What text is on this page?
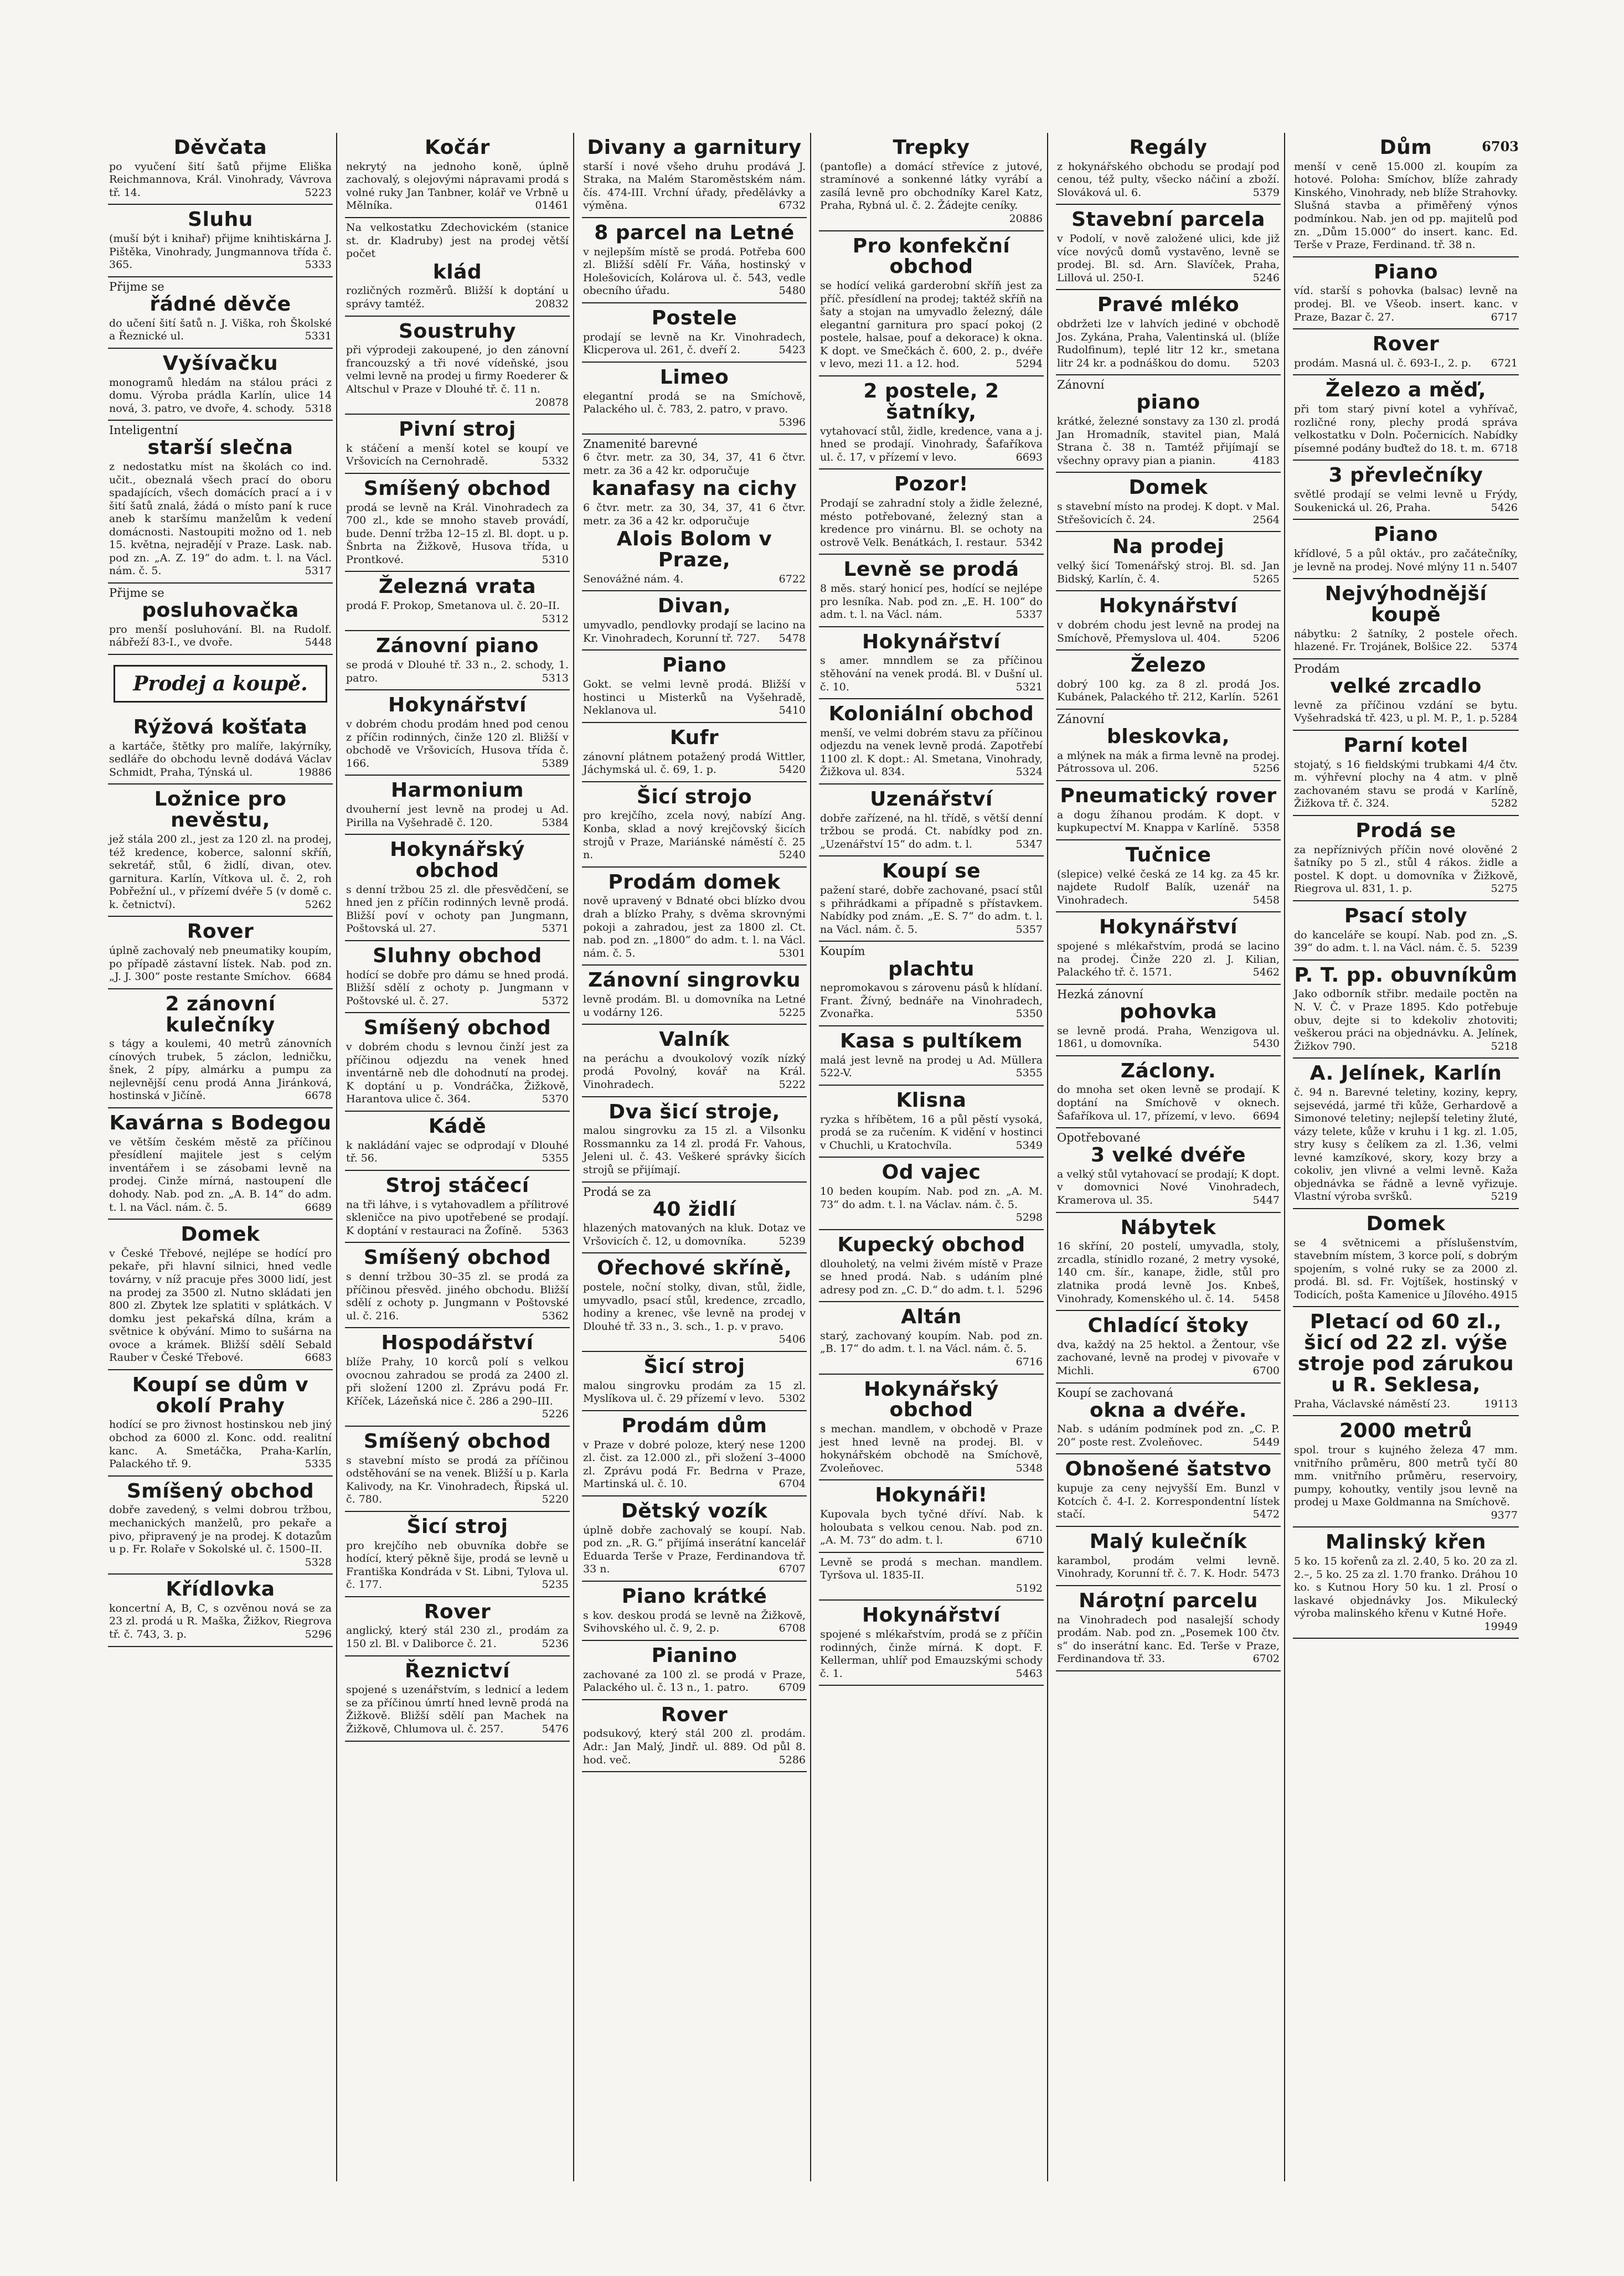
6703
Děvčata
po vyučení šití šatů přijme Eliška Reichmannova, Král. Vinohrady, Vávrova tř. 14.	5223
Sluhu
(muší být i knihař) přijme knihtiskárna J. Pištěka, Vinohrady, Jungmannova třída č. 365.	5333
Přijme se
řádné děvče
do učení šití šatů n. J. Viška, roh Školské a Řeznické ul.	5331
Vyšívačku
monogramů hledám na stálou práci z domu. Výroba prádla Karlín, ulice 14 nová, 3. patro, ve dvoře, 4. schody. 5318
Inteligentní
starší slečna
z nedostatku míst na školách co ind. učit., obeznalá všech prací do oboru spadajících, všech domácích prací a i v šití šatů znalá, žádá o místo paní k ruce aneb k staršímu manželům k vedení domácnosti. Nastoupiti možno od 1. neb 15. května, nejradějí v Praze. Lask. nab. pod zn. „A. Z. 19“ do adm. t. l. na Václ. nám. č. 5.	5317
Přijme se
posluhovačka
pro menší posluhování. Bl. na Rudolf. nábřeží 83-I., ve dvoře.	5448
Prodej a koupě.
Rýžová košťata
a kartáče, štětky pro malíře, lakýrníky, sedláře do obchodu levně dodává Václav Schmidt, Praha, Týnská ul.	19886
Ložnice pro nevěstu,
jež stála 200 zl., jest za 120 zl. na prodej, též kredence, koberce, salonní skříň, sekretář, stůl, 6 židlí, divan, otev. garnitura. Karlín, Vítkova ul. č. 2, roh Pobřežní ul., v přízemí dvéře 5 (v domě c. k. četnictví).	5262
Rover
úplně zachovalý neb pneumatiky koupím, po případě zástavní lístek. Nab. pod zn. „J. J. 300“ poste restante Smíchov. 6684
2 zánovní kulečníky
s tágy a koulemi, 40 metrů zánovních cínových trubek, 5 záclon, ledničku, šnek, 2 pípy, almárku a pumpu za nejlevnější cenu prodá Anna Jiránková, hostinská v Jičíně.	6678
Kavárna s Bodegou
ve větším českém městě za příčinou přesídlení majitele jest s celým inventářem i se zásobami levně na prodej. Cinže mírná, nastoupení dle dohody. Nab. pod zn. „A. B. 14“ do adm. t. l. na Václ. nám. č. 5.	6689
Domek
v České Třebové, nejlépe se hodící pro pekaře, při hlavní silnici, hned vedle továrny, v níž pracuje přes 3000 lidí, jest na prodej za 3500 zl. Nutno skládati jen 800 zl. Zbytek lze splatiti v splátkách. V domku jest pekařská dílna, krám a světnice k obývání. Mimo to sušárna na ovoce a krámek. Bližší sdělí Sebald Rauber v České Třebové.	6683
Koupí se dům v okolí Prahy
hodící se pro živnost hostinskou neb jiný obchod za 6000 zl. Konc. odd. realitní kanc. A. Smetáčka, Praha-Karlín, Palackého tř. 9.	5335
Smíšený obchod
dobře zavedený, s velmi dobrou tržbou, mechanických manželů, pro pekaře a pivo, připravený je na prodej. K dotazům u p. Fr. Rolaře v Sokolské ul. č. 1500–II.
5328
Křídlovka
koncertní A, B, C, s ozvěnou nová se za 23 zl. prodá u R. Maška, Žižkov, Riegrova tř. č. 743, 3. p.	5296
Kočár
nekrytý na jednoho koně, úplně zachovalý, s olejovými nápravami prodá s volné ruky Jan Tanbner, kolář ve Vrbně u Mělníka.	01461
Na velkostatku Zdechovickém (stanice st. dr. Kladruby) jest na prodej větší počet
klád
rozličných rozměrů. Bližší k doptání u správy tamtéž.	20832
Soustruhy
při výprodeji zakoupené, jo den zánovní francouzský a tři nové vídeňské, jsou velmi levně na prodej u firmy Roederer & Altschul v Praze v Dlouhé tř. č. 11 n.
20878
Pivní stroj
k stáčení a menší kotel se koupí ve Vršovicích na Cernohradě.	5332
Smíšený obchod
prodá se levně na Král. Vinohradech za 700 zl., kde se mnoho staveb provádí, bude. Denní tržba 12–15 zl. Bl. dopt. u p. Šnbrta na Žižkově, Husova třída, u Prontkové.	5310
Železná vrata
prodá F. Prokop, Smetanova ul. č. 20–II.
5312
Zánovní piano
se prodá v Dlouhé tř. 33 n., 2. schody, 1. patro.	5313
Hokynářství
v dobrém chodu prodám hned pod cenou z příčin rodinných, činže 120 zl. Bližší v obchodě ve Vršovicích, Husova třída č. 166.	5389
Harmonium
dvouherní jest levně na prodej u Ad. Pirilla na Vyšehradě č. 120.	5384
Hokynářský obchod
s denní tržbou 25 zl. dle přesvědčení, se hned jen z příčin rodinných levně prodá. Bližší poví v ochoty pan Jungmann, Poštovská ul. 27.	5371
Sluhny obchod
hodící se dobře pro dámu se hned prodá. Bližší sdělí z ochoty p. Jungmann v Poštovské ul. č. 27.	5372
Smíšený obchod
v dobrém chodu s levnou činží jest za příčinou odjezdu na venek hned inventárně neb dle dohodnutí na prodej. K doptání u p. Vondráčka, Žižkově, Harantova ulice č. 364.	5370
Kádě
k nakládání vajec se odprodají v Dlouhé tř. 56.	5355
Stroj stáčecí
na tři láhve, i s vytahovadlem a přílitrové skleničce na pivo upotřebené se prodají. K doptání v restauraci na Žofíně. 5363
Smíšený obchod
s denní tržbou 30–35 zl. se prodá za příčinou přesvěd. jiného obchodu. Bližší sdělí z ochoty p. Jungmann v Poštovské ul. č. 216.	5362
Hospodářství
blíže Prahy, 10 korců polí s velkou ovocnou zahradou se prodá za 2400 zl. při složení 1200 zl. Zprávu podá Fr. Kříček, Lázeňská nice č. 286 a 290–III.
5226
Smíšený obchod
s stavební místo se prodá za příčinou odstěhování se na venek. Bližší u p. Karla Kalivody, na Kr. Vinohradech, Řipská ul. č. 780.	5220
Šicí stroj
pro krejčího neb obuvníka dobře se hodící, který pěkně šije, prodá se levně u Františka Kondráda v St. Libni, Tylova ul. č. 177.	5235
Rover
anglický, který stál 230 zl., prodám za 150 zl. Bl. v Daliborce č. 21.	5236
Řeznictví
spojené s uzenářstvím, s lednicí a ledem se za příčinou úmrtí hned levně prodá na Žižkově. Bližší sdělí pan Machek na Žižkově, Chlumova ul. č. 257.	5476
Divany a garnitury
starší i nové všeho druhu prodává J. Straka, na Malém Staroměstském nám. čís. 474-III. Vrchní úřady, předělávky a výměna.	6732
8 parcel na Letné
v nejlepším místě se prodá. Potřeba 600 zl. Bližší sdělí Fr. Váňa, hostinský v Holešovicích, Kolárova ul. č. 543, vedle obecního úřadu.	5480
Postele
prodají se levně na Kr. Vinohradech, Klicperova ul. 261, č. dveří 2.	5423
Limeo
elegantní prodá se na Smíchově, Palackého ul. č. 783, 2. patro, v pravo.
5396
Znamenité barevné
6 čtvr. metr. za 30, 34, 37, 41 6 čtvr. metr. za 36 a 42 kr. odporučuje
kanafasy na cichy
6 čtvr. metr. za 30, 34, 37, 41 6 čtvr. metr. za 36 a 42 kr. odporučuje
Alois Bolom v Praze,
Senovážné nám. 4.	6722
Divan,
umyvadlo, pendlovky prodají se lacino na Kr. Vinohradech, Korunní tř. 727. 5478
Piano
Gokt. se velmi levně prodá. Bližší v hostinci u Misterků na Vyšehradě, Neklanova ul.	5410
Kufr
zánovní plátnem potažený prodá Wittler, Jáchymská ul. č. 69, 1. p.	5420
Šicí strojo
pro krejčího, zcela nový, nabízí Ang. Konba, sklad a nový krejčovský šicích strojů v Praze, Mariánské náměstí č. 25 n.	5240
Prodám domek
nově upravený v Bdnaté obci blízko dvou drah a blízko Prahy, s dvěma skrovnými pokoji a zahradou, jest za 1800 zl. Ct. nab. pod zn. „1800“ do adm. t. l. na Václ. nám. č. 5.	5301
Zánovní singrovku
levně prodám. Bl. u domovníka na Letné u vodárny 126.	5225
Valník
na peráchu a dvoukolový vozík nízký prodá Povolný, kovář na Král. Vinohradech.	5222
Dva šicí stroje,
malou singrovku za 15 zl. a Vilsonku Rossmannku za 14 zl. prodá Fr. Vahous, Jeleni ul. č. 43. Veškeré správky šicích strojů se přijímají.
Prodá se za
40 židlí
hlazených matovaných na kluk. Dotaz ve Vršovicích č. 12, u domovníka.	5239
Ořechové skříně,
postele, noční stolky, divan, stůl, židle, umyvadlo, psací stůl, kredence, zrcadlo, hodiny a krenec, vše levně na prodej v Dlouhé tř. 33 n., 3. sch., 1. p. v pravo.
5406
Šicí stroj
malou singrovku prodám za 15 zl. Myslíkova ul. č. 29 přízemí v levo. 5302
Prodám dům
v Praze v dobré poloze, který nese 1200 zl. čist. za 12.000 zl., při složení 3–4000 zl. Zprávu podá Fr. Bedrna v Praze, Martinská ul. č. 10.	6704
Dětský vozík
úplně dobře zachovalý se koupí. Nab. pod zn. „R. G.“ přijímá inserátní kancelář Eduarda Terše v Praze, Ferdinandova tř. 33 n.	6707
Piano krátké
s kov. deskou prodá se levně na Žižkově, Svihovského ul. č. 9, 2. p.	6708
Pianino
zachované za 100 zl. se prodá v Praze, Palackého ul. č. 13 n., 1. patro.	6709
Rover
podsukový, který stál 200 zl. prodám. Adr.: Jan Malý, Jindř. ul. 889. Od půl 8. hod. več.	5286
Trepky
(pantofle) a domácí střevíce z jutové, stramínové a sonkenné látky vyrábí a zasílá levně pro obchodníky Karel Katz, Praha, Rybná ul. č. 2. Žádejte ceníky.
20886
Pro konfekční obchod
se hodící veliká garderobní skříň jest za příč. přesídlení na prodej; taktéž skříň na šaty a stojan na umyvadlo železný, dále elegantní garnitura pro spací pokoj (2 postele, halsae, pouf a dekorace) k okna. K dopt. ve Smečkách č. 600, 2. p., dvéře v levo, mezi 11. a 12. hod.	5294
2 postele, 2 šatníky,
vytahovací stůl, židle, kredence, vana a j. hned se prodají. Vinohrady, Šafaříkova ul. č. 17, v přízemí v levo.	6693
Pozor!
Prodají se zahradní stoly a židle železné, mésto potřebované, železný stan a kredence pro vinárnu. Bl. se ochoty na ostrově Velk. Benátkách, I. restaur. 5342
Levně se prodá
8 měs. starý honicí pes, hodící se nejlépe pro lesníka. Nab. pod zn. „E. H. 100“ do adm. t. l. na Václ. nám.	5337
Hokynářství
s amer. mnndlem se za příčinou stěhování na venek prodá. Bl. v Dušní ul. č. 10.	5321
Koloniální obchod
menší, ve velmi dobrém stavu za příčinou odjezdu na venek levně prodá. Zapotřebí 1100 zl. K dopt.: Al. Smetana, Vinohrady, Žižkova ul. 834.	5324
Uzenářství
dobře zařízené, na hl. třídě, s větší denní tržbou se prodá. Ct. nabídky pod zn. „Uzenářství 15“ do adm. t. l.	5347
Koupí se
pažení staré, dobře zachované, psací stůl s přihrádkami a případně s přístavkem. Nabídky pod znám. „E. S. 7“ do adm. t. l. na Václ. nám. č. 5.	5357
Koupím
plachtu
nepromokavou s zárovenu pásů k hlídaní. Frant. Žívný, bednáře na Vinohradech, Zvonařka.	5350
Kasa s pultíkem
malá jest levně na prodej u Ad. Müllera 522-V.	5355
Klisna
ryzka s hříbětem, 16 a půl pěstí vysoká, prodá se za ručením. K vidění v hostinci v Chuchli, u Kratochvíla.	5349
Od vajec
10 beden koupím. Nab. pod zn. „A. M. 73“ do adm. t. l. na Václav. nám. č. 5.
5298
Kupecký obchod
dlouholetý, na velmi živém místě v Praze se hned prodá. Nab. s udáním plné adresy pod zn. „C. D.“ do adm. t. l. 5296
Altán
starý, zachovaný koupím. Nab. pod zn. „B. 17“ do adm. t. l. na Václ. nám. č. 5.
6716
Hokynářský obchod
s mechan. mandlem, v obchodě v Praze jest hned levně na prodej. Bl. v hokynářském obchodě na Smíchově, Zvoleňovec.	5348
Hokynáři!
Kupovala bych tyčné dříví. Nab. k holoubata s velkou cenou. Nab. pod zn. „A. M. 73“ do adm. t. l.	6710
Levně se prodá s mechan. mandlem. Tyršova ul. 1835-II.
5192
Hokynářství
spojené s mlékařstvím, prodá se z příčin rodinných, činže mírná. K dopt. F. Kellerman, uhlíř pod Emauzskými schody č. 1.	5463
Regály
z hokynářského obchodu se prodají pod cenou, též pulty, všecko náčiní a zboží. Slováková ul. 6.	5379
Stavební parcela
v Podolí, v nově založené ulici, kde již více novýců domů vystavěno, levně se prodej. Bl. sd. Arn. Slavíček, Praha, Lillová ul. 250-I.	5246
Pravé mléko
obdržeti lze v lahvích jediné v obchodě Jos. Zykána, Praha, Valentinská ul. (blíže Rudolfinum), teplé litr 12 kr., smetana litr 24 kr. a podnáškou do domu. 5203
Zánovní
piano
krátké, železné sonstavy za 130 zl. prodá Jan Hromadník, stavitel pian, Malá Strana č. 38 n. Tamtéž přijímají se všechny opravy pian a pianin.	4183
Domek
s stavební místo na prodej. K dopt. v Mal. Střešovicích č. 24.	2564
Na prodej
velký šicí Tomenářský stroj. Bl. sd. Jan Bidský, Karlín, č. 4.	5265
Hokynářství
v dobrém chodu jest levně na prodej na Smíchově, Přemyslova ul. 404.	5206
Železo
dobrý 100 kg. za 8 zl. prodá Jos. Kubánek, Palackého tř. 212, Karlín. 5261
Zánovní
bleskovka,
a mlýnek na mák a firma levně na prodej. Pátrossova ul. 206.	5256
Pneumatický rover
a dogu žíhanou prodám. K dopt. v kupkupectví M. Knappa v Karlíně. 5358
Tučnice
(slepice) velké česká ze 14 kg. za 45 kr. najdete Rudolf Balík, uzenář na Vinohradech.	5458
Hokynářství
spojené s mlékařstvím, prodá se lacino na prodej. Činže 220 zl. J. Kilian, Palackého tř. č. 1571.	5462
Hezká zánovní
pohovka
se levně prodá. Praha, Wenzigova ul. 1861, u domovníka.	5430
Záclony.
do mnoha set oken levně se prodají. K doptání na Smíchově v oknech. Šafaříkova ul. 17, přízemí, v levo. 6694
Opotřebované
3 velké dvéře
a velký stůl vytahovací se prodají; K dopt. v domovnici Nové Vinohradech, Kramerova ul. 35.	5447
Nábytek
16 skříní, 20 postelí, umyvadla, stoly, zrcadla, stínidlo rozané, 2 metry vysoké, 140 cm. šír., kanape, židle, stůl pro zlatnika prodá levně Jos. Knbeš, Vinohrady, Komenského ul. č. 14. 5458
Chladící štoky
dva, každý na 25 hektol. a Žentour, vše zachované, levně na prodej v pivovaře v Michli.	6700
Koupí se zachovaná
okna a dvéře.
Nab. s udáním podmínek pod zn. „C. P. 20“ poste rest. Zvoleňovec.	5449
Obnošené šatstvo
kupuje za ceny nejvyšší Em. Bunzl v Kotcích č. 4-I. 2. Korrespondentní lístek stačí.	5472
Malý kulečník
karambol, prodám velmi levně. Vinohrady, Korunní tř. č. 7. K. Hodr. 5473
Nároţní parcelu
na Vinohradech pod nasalejší schody prodám. Nab. pod zn. „Posemek 100 čtv. s“ do inserátní kanc. Ed. Terše v Praze, Ferdinandova tř. 33.	6702
Dům
menší v ceně 15.000 zl. koupím za hotové. Poloha: Smíchov, blíže zahrady Kinského, Vinohrady, neb blíže Strahovky. Slušná stavba a přiměřený výnos podmínkou. Nab. jen od pp. majitelů pod zn. „Dům 15.000“ do insert. kanc. Ed. Terše v Praze, Ferdinand. tř. 38 n.
Piano
víd. starší s pohovka (balsac) levně na prodej. Bl. ve Všeob. insert. kanc. v Praze, Bazar č. 27.	6717
Rover
prodám. Masná ul. č. 693-I., 2. p. 6721
Železo a měď,
při tom starý pivní kotel a vyhřívač, rozličné rony, plechy prodá správa velkostatku v Doln. Počernicích. Nabídky písemné podány buďtež do 18. t. m. 6718
3 převlečníky
světlé prodají se velmi levně u Frýdy, Soukenická ul. 26, Praha.	5426
Piano
křídlové, 5 a půl oktáv., pro začátečníky, je levně na prodej. Nové mlýny 11 n. 5407
Nejvýhodnější koupě
nábytku: 2 šatníky, 2 postele ořech. hlazené. Fr. Trojánek, Bolšice 22. 5374
Prodám
velké zrcadlo
levně za příčinou vzdání se bytu. Vyšehradská tř. 423, u pl. M. P., 1. p. 5284
Parní kotel
stojatý, s 16 fieldskými trubkami 4/4 čtv. m. výhřevní plochy na 4 atm. v plně zachovaném stavu se prodá v Karlíně, Žižkova tř. č. 324.	5282
Prodá se
za nepříznivých příčin nové olověné 2 šatníky po 5 zl., stůl 4 rákos. židle a postel. K dopt. u domovníka v Žižkově, Riegrova ul. 831, 1. p.	5275
Psací stoly
do kanceláře se koupí. Nab. pod zn. „S. 39“ do adm. t. l. na Václ. nám. č. 5. 5239
P. T. pp. obuvníkům
Jako odborník střibr. medaile poctěn na N. V. Č. v Praze 1895. Kdo potřebuje obuv, dejte si to kdekoliv zhotoviti; veškerou práci na objednávku. A. Jelínek, Žižkov 790.	5218
A. Jelínek, Karlín
č. 94 n. Barevné teletiny, koziny, kepry, sejsevédá, jarmé tři kůže, Gerhardově a Simonové teletiny; nejlepší teletiny žluté, vázy telete, kůže v kruhu i 1 kg. zl. 1.05, stry kusy s čelíkem za zl. 1.36, velmi levné kamzíkové, skory, kozy brzy a cokoliv, jen vlivné a velmi levně. Kaža objednávka se řádně a levně vyřizuje. Vlastní výroba svršků.	5219
Domek
se 4 světnicemi a příslušenstvím, stavebním místem, 3 korce polí, s dobrým spojením, s volné ruky se za 2000 zl. prodá. Bl. sd. Fr. Vojtíšek, hostinský v Todicích, pošta Kamenice u Jílového. 4915
Pletací od 60 zl., šicí od 22 zl. výše stroje pod zárukou u R. Seklesa,
Praha, Václavské náměstí 23.	19113
2000 metrů
spol. trour s kujného železa 47 mm. vnitřního průměru, 800 metrů tyčí 80 mm. vnitřního průměru, reservoiry, pumpy, kohoutky, ventily jsou levně na prodej u Maxe Goldmanna na Smíchově.
9377
Malinský křen
5 ko. 15 kořenů za zl. 2.40, 5 ko. 20 za zl. 2.–, 5 ko. 25 za zl. 1.70 franko. Dráhou 10 ko. s Kutnou Hory 50 ku. 1 zl. Prosí o laskavé objednávky Jos. Mikulecký výroba malinského křenu v Kutné Hoře.
19949
